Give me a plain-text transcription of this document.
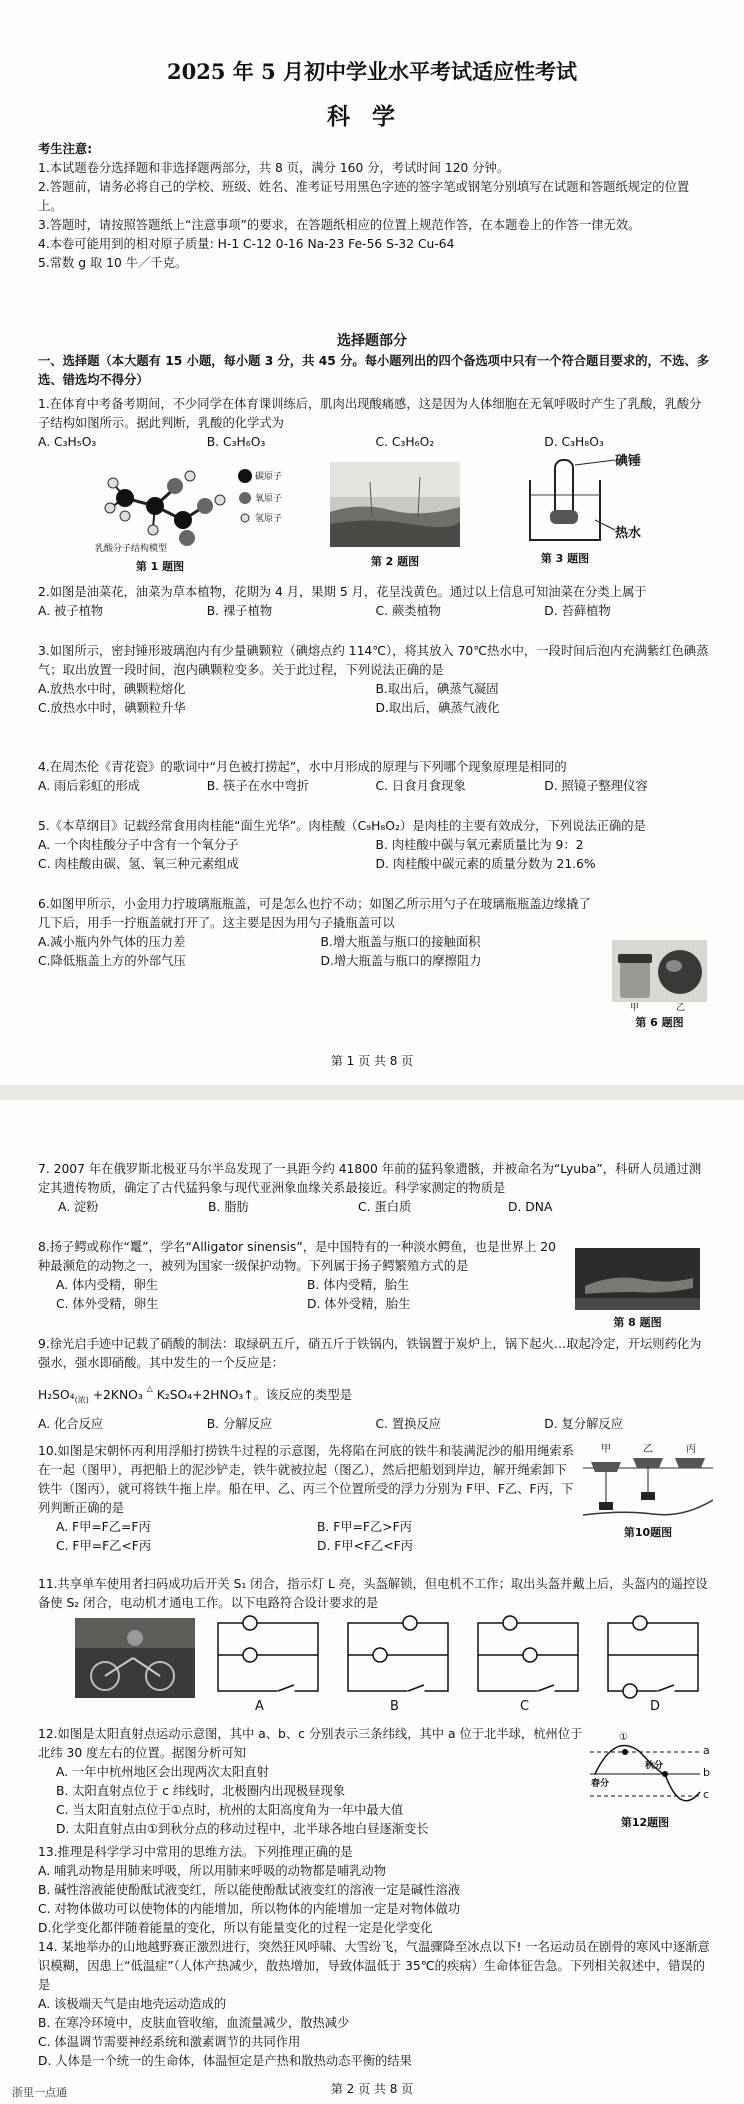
2025 年 5 月初中学业水平考试适应性考试
科学
考生注意:
1.本试题卷分选择题和非选择题两部分，共 8 页，满分 160 分，考试时间 120 分钟。
2.答题前，请务必将自己的学校、班级、姓名、准考证号用黑色字迹的签字笔或钢笔分别填写在试题和答题纸规定的位置上。
3.答题时，请按照答题纸上“注意事项”的要求，在答题纸相应的位置上规范作答，在本题卷上的作答一律无效。
4.本卷可能用到的相对原子质量: H-1 C-12 0-16 Na-23 Fe-56 S-32 Cu-64
5.常数 g 取 10 牛／千克。
选择题部分
一、选择题（本大题有 15 小题，每小题 3 分，共 45 分。每小题列出的四个备选项中只有一个符合题目要求的，不选、多选、错选均不得分）
1.在体育中考备考期间，不少同学在体育课训练后，肌肉出现酸痛感，这是因为人体细胞在无氧呼吸时产生了乳酸，乳酸分子结构如图所示。据此判断，乳酸的化学式为
A. C₃H₅O₃	B. C₃H₆O₃	C. C₃H₆O₂	D. C₃H₈O₃
碳原子
氧原子
氢原子
乳酸分子结构模型
第 1 题图	第 2 题图
碘锤
热水
第 3 题图
2.如图是油菜花，油菜为草本植物，花期为 4 月，果期 5 月，花呈浅黄色。通过以上信息可知油菜在分类上属于
A. 被子植物	B. 裸子植物	C. 蕨类植物	D. 苔藓植物
3.如图所示，密封锤形玻璃泡内有少量碘颗粒（碘熔点约 114℃），将其放入 70℃热水中，一段时间后泡内充满紫红色碘蒸气；取出放置一段时间，泡内碘颗粒变多。关于此过程，下列说法正确的是
A.放热水中时，碘颗粒熔化	B.取出后，碘蒸气凝固
C.放热水中时，碘颗粒升华	D.取出后，碘蒸气液化
4.在周杰伦《青花瓷》的歌词中“月色被打捞起”，水中月形成的原理与下列哪个现象原理是相同的
A. 雨后彩虹的形成	B. 筷子在水中弯折	C. 日食月食现象	D. 照镜子整理仪容
5.《本草纲目》记载经常食用肉桂能“面生光华”。肉桂酸（C₉H₈O₂）是肉桂的主要有效成分，下列说法正确的是
A. 一个肉桂酸分子中含有一个氧分子	B. 肉桂酸中碳与氧元素质量比为 9：2
C. 肉桂酸由碳、氢、氧三种元素组成	D. 肉桂酸中碳元素的质量分数为 21.6%
6.如图甲所示，小金用力拧玻璃瓶瓶盖，可是怎么也拧不动；如图乙所示用勺子在玻璃瓶瓶盖边缘撬了几下后，用手一拧瓶盖就打开了。这主要是因为用勺子撬瓶盖可以
A.减小瓶内外气体的压力差	B.增大瓶盖与瓶口的接触面积
C.降低瓶盖上方的外部气压	D.增大瓶盖与瓶口的摩擦阻力
甲	乙
第 6 题图
第 1 页 共 8 页
7. 2007 年在俄罗斯北极亚马尔半岛发现了一具距今约 41800 年前的猛犸象遗骸，并被命名为“Lyuba”，科研人员通过测定其遗传物质，确定了古代猛犸象与现代亚洲象血缘关系最接近。科学家测定的物质是
A. 淀粉	B. 脂肪	C. 蛋白质	D. DNA
8.扬子鳄或称作“鼍”，学名“Alligator sinensis”，是中国特有的一种淡水鳄鱼，也是世界上 20 种最濒危的动物之一，被列为国家一级保护动物。下列属于扬子鳄繁殖方式的是
A. 体内受精，卵生	B. 体内受精，胎生
C. 体外受精，卵生	D. 体外受精，胎生
第 8 题图
9.徐光启手迹中记载了硝酸的制法：取绿矾五斤，硝五斤于铁锅内，铁锅置于炭炉上，锅下起火…取起冷定，开坛则药化为强水，强水即硝酸。其中发生的一个反应是：
$H_2SO_4_{(浓)} +2KNO_3$ △ K₂SO₄+2HNO₃↑。该反应的类型是
A. 化合反应	B. 分解反应	C. 置换反应	D. 复分解反应
10.如图是宋朝怀丙利用浮船打捞铁牛过程的示意图，先将陷在河底的铁牛和装满泥沙的船用绳索系在一起（图甲），再把船上的泥沙铲走，铁牛就被拉起（图乙），然后把船划到岸边，解开绳索卸下铁牛（图丙），就可将铁牛拖上岸。船在甲、乙、丙三个位置所受的浮力分别为 F甲、F乙、F丙，下列判断正确的是
A. F甲=F乙=F丙	B. F甲=F乙>F丙
C. F甲=F乙<F丙	D. F甲<F乙<F丙
甲	乙	丙
第10题图
11.共享单车使用者扫码成功后开关 S₁ 闭合，指示灯 L 亮，头盔解锁，但电机不工作；取出头盔并戴上后，头盔内的遥控设备使 S₂ 闭合，电动机才通电工作。以下电路符合设计要求的是
A	B	C	D
12.如图是太阳直射点运动示意图，其中 a、b、c 分别表示三条纬线，其中 a 位于北半球，杭州位于北纬 30 度左右的位置。据图分析可知
A. 一年中杭州地区会出现两次太阳直射
B. 太阳直射点位于 c 纬线时，北极圈内出现极昼现象
C. 当太阳直射点位于①点时，杭州的太阳高度角为一年中最大值
D. 太阳直射点由①到秋分点的移动过程中，北半球各地白昼逐渐变长
①
a
b
c
春分
秋分
第12题图
13.推理是科学学习中常用的思维方法。下列推理正确的是
A. 哺乳动物是用肺来呼吸，所以用肺来呼吸的动物都是哺乳动物
B. 碱性溶液能使酚酞试液变红，所以能使酚酞试液变红的溶液一定是碱性溶液
C. 对物体做功可以使物体的内能增加，所以物体的内能增加一定是对物体做功
D.化学变化都伴随着能量的变化，所以有能量变化的过程一定是化学变化
14. 某地举办的山地越野赛正激烈进行，突然狂风呼啸、大雪纷飞，气温骤降至冰点以下! 一名运动员在剧骨的寒风中逐渐意识模糊，因患上“低温症”（人体产热减少，散热增加，导致体温低于 35℃的疾病）生命体征告急。下列相关叙述中，错误的是
A. 该极端天气是由地壳运动造成的
B. 在寒冷环境中，皮肤血管收缩，血流量减少，散热减少
C. 体温调节需要神经系统和激素调节的共同作用
D. 人体是一个统一的生命体，体温恒定是产热和散热动态平衡的结果
第 2 页 共 8 页
浙里一点通
